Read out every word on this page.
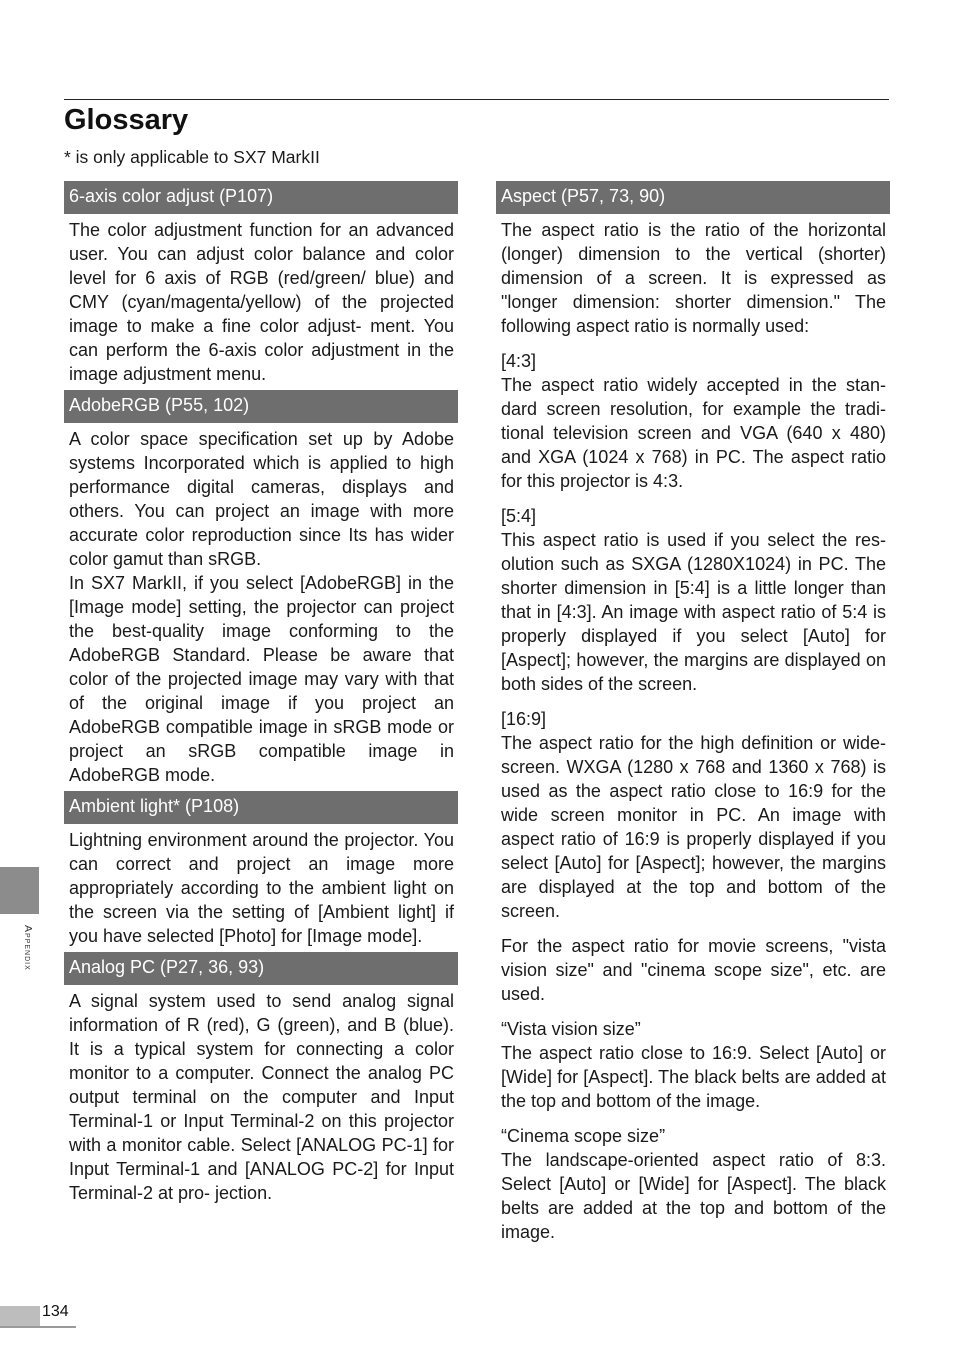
Glossary
* is only applicable to SX7 MarkII
6-axis color adjust (P107)

The color adjustment function for an advanced user. You can adjust color balance and color level for 6 axis of RGB (red/green/ blue) and CMY (cyan/magenta/yellow) of the projected image to make a fine color adjust- ment. You can perform the 6-axis color adjustment in the image adjustment menu.

AdobeRGB (P55, 102)

A color space specification set up by Adobe systems Incorporated which is applied to high performance digital cameras, displays and others. You can project an image with more accurate color reproduction since Its has wider color gamut than sRGB.

In SX7 MarkII, if you select [AdobeRGB] in the [Image mode] setting, the projector can project the best-quality image conforming to the AdobeRGB Standard. Please be aware that color of the projected image may vary with that of the original image if you project an AdobeRGB compatible image in sRGB mode or project an sRGB compatible image in AdobeRGB mode.

Ambient light* (P108)

Lightning environment around the projector. You can correct and project an image more appropriately according to the ambient light on the screen via the setting of [Ambient light] if you have selected [Photo] for [Image mode].

Analog PC (P27, 36, 93)

A signal system used to send analog signal information of R (red), G (green), and B (blue). It is a typical system for connecting a color monitor to a computer. Connect the analog PC output terminal on the computer and Input Terminal-1 or Input Terminal-2 on this projector with a monitor cable. Select [ANALOG PC-1] for Input Terminal-1 and [ANALOG PC-2] for Input Terminal-2 at pro- jection.

Aspect (P57, 73, 90)

The aspect ratio is the ratio of the horizontal (longer) dimension to the vertical (shorter) dimension of a screen. It is expressed as "longer dimension: shorter dimension." The following aspect ratio is normally used:

[4:3]
The aspect ratio widely accepted in the stan- dard screen resolution, for example the tradi- tional television screen and VGA (640 x 480) and XGA (1024 x 768) in PC. The aspect ratio for this projector is 4:3.

[5:4]
This aspect ratio is used if you select the res- olution such as SXGA (1280X1024) in PC. The shorter dimension in [5:4] is a little longer than that in [4:3]. An image with aspect ratio of 5:4 is properly displayed if you select [Auto] for [Aspect]; however, the margins are displayed on both sides of the screen.

[16:9]
The aspect ratio for the high definition or wide-screen. WXGA (1280 x 768 and 1360 x 768) is used as the aspect ratio close to 16:9 for the wide screen monitor in PC. An image with aspect ratio of 16:9 is properly displayed if you select [Auto] for [Aspect]; however, the margins are displayed at the top and bottom of the screen.

For the aspect ratio for movie screens, "vista vision size" and "cinema scope size", etc. are used.

“Vista vision size”
The aspect ratio close to 16:9. Select [Auto] or [Wide] for [Aspect]. The black belts are added at the top and bottom of the image.

“Cinema scope size”
The landscape-oriented aspect ratio of 8:3. Select [Auto] or [Wide] for [Aspect]. The black belts are added at the top and bottom of the image.

Appendix
134
